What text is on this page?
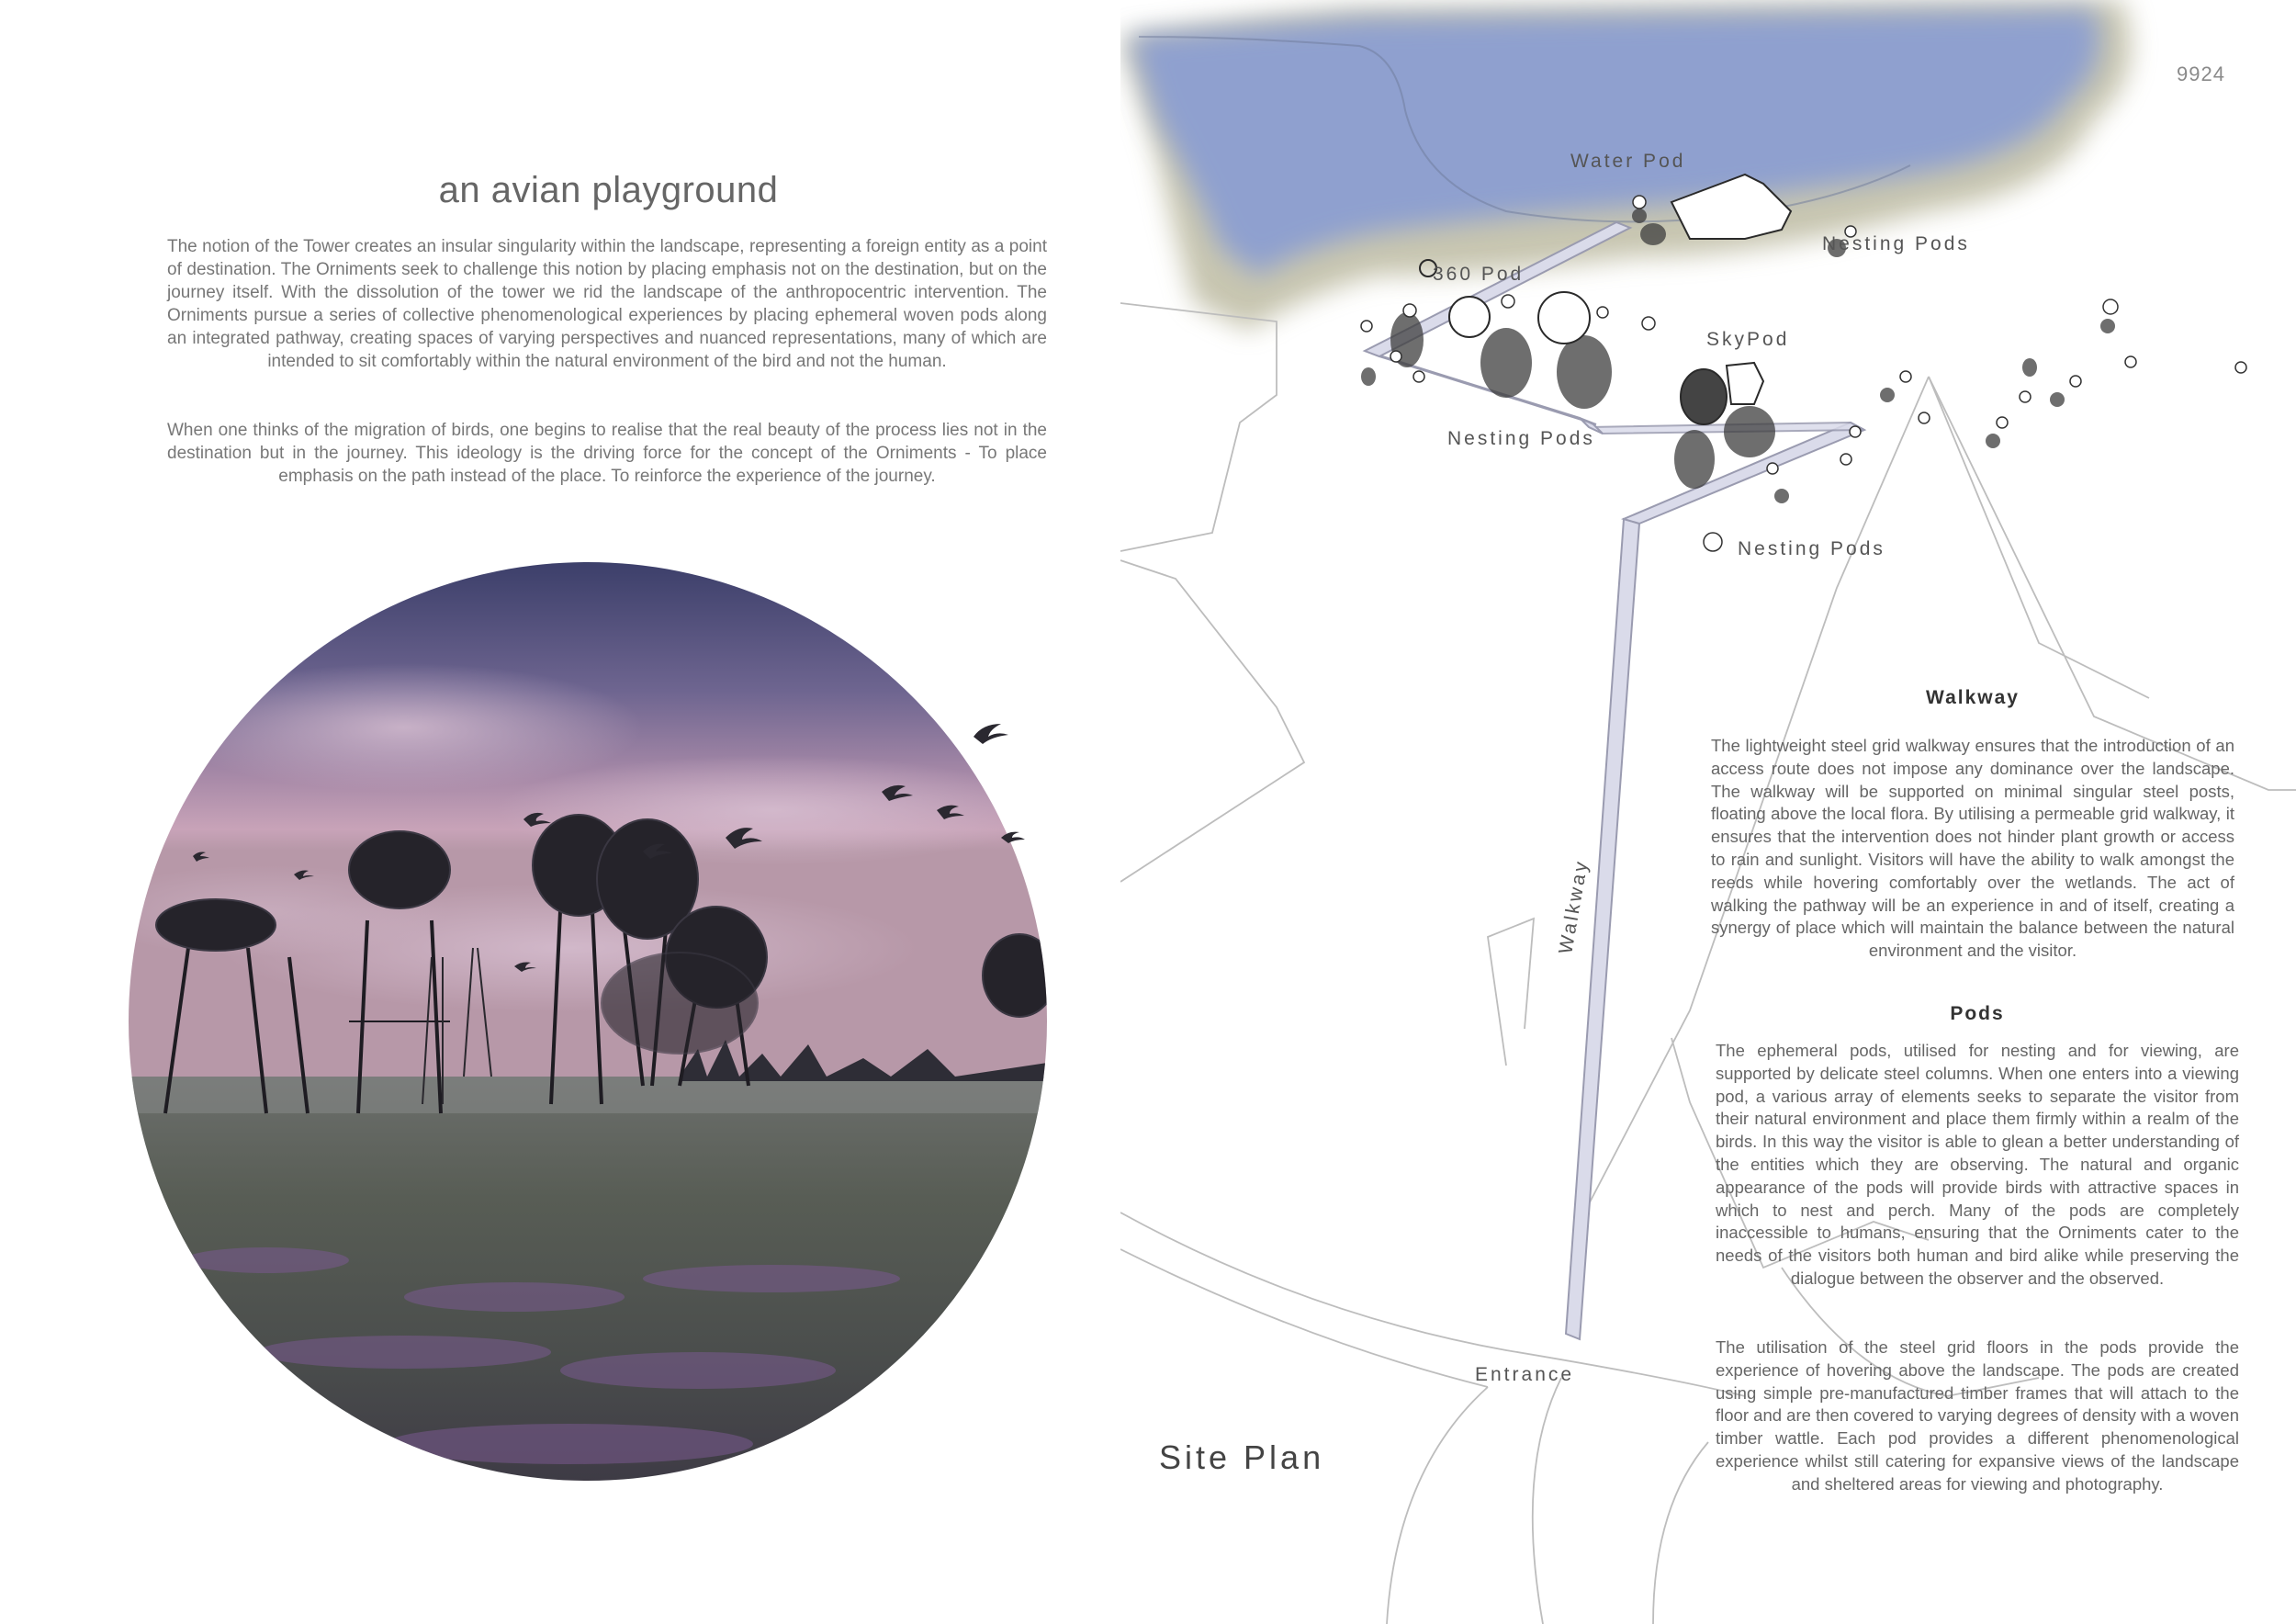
9924
an avian playground
The notion of the Tower creates an insular singularity within the landscape, representing a foreign entity as a point of destination. The Orniments seek to challenge this notion by placing emphasis not on the destination, but on the journey itself. With the dissolution of the tower we rid the landscape of the anthropocentric intervention. The Orniments pursue a series of collective phenomenological experiences by placing ephemeral woven pods along an integrated pathway, creating spaces of varying perspectives and nuanced representations, many of which are intended to sit comfortably within the natural environment of the bird and not the human.
When one thinks of the migration of birds, one begins to realise that the real beauty of the process lies not in the destination but in the journey. This ideology is the driving force for the concept of the Orniments - To place emphasis on the path instead of the place. To reinforce the experience of the journey.
Water Pod
Nesting Pods
360 Pod
SkyPod
Nesting Pods
Nesting Pods
Walkway
Entrance
Site Plan
Walkway
The lightweight steel grid walkway ensures that the introduction of an access route does not impose any dominance over the landscape. The walkway will be supported on minimal singular steel posts, floating above the local flora. By utilising a permeable grid walkway, it ensures that the intervention does not hinder plant growth or access to rain and sunlight. Visitors will have the ability to walk amongst the reeds while hovering comfortably over the wetlands. The act of walking the pathway will be an experience in and of itself, creating a synergy of place which will maintain the balance between the natural environment and the visitor.
Pods
The ephemeral pods, utilised for nesting and for viewing, are supported by delicate steel columns. When one enters into a viewing pod, a various array of elements seeks to separate the visitor from their natural environment and place them firmly within a realm of the birds. In this way the visitor is able to glean a better understanding of the entities which they are observing. The natural and organic appearance of the pods will provide birds with attractive spaces in which to nest and perch. Many of the pods are completely inaccessible to humans, ensuring that the Orniments cater to the needs of the visitors both human and bird alike while preserving the dialogue between the observer and the observed.
The utilisation of the steel grid floors in the pods provide the experience of hovering above the landscape. The pods are created using simple pre-manufactured timber frames that will attach to the floor and are then covered to varying degrees of density with a woven timber wattle. Each pod provides a different phenomenological experience whilst still catering for expansive views of the landscape and sheltered areas for viewing and photography.
